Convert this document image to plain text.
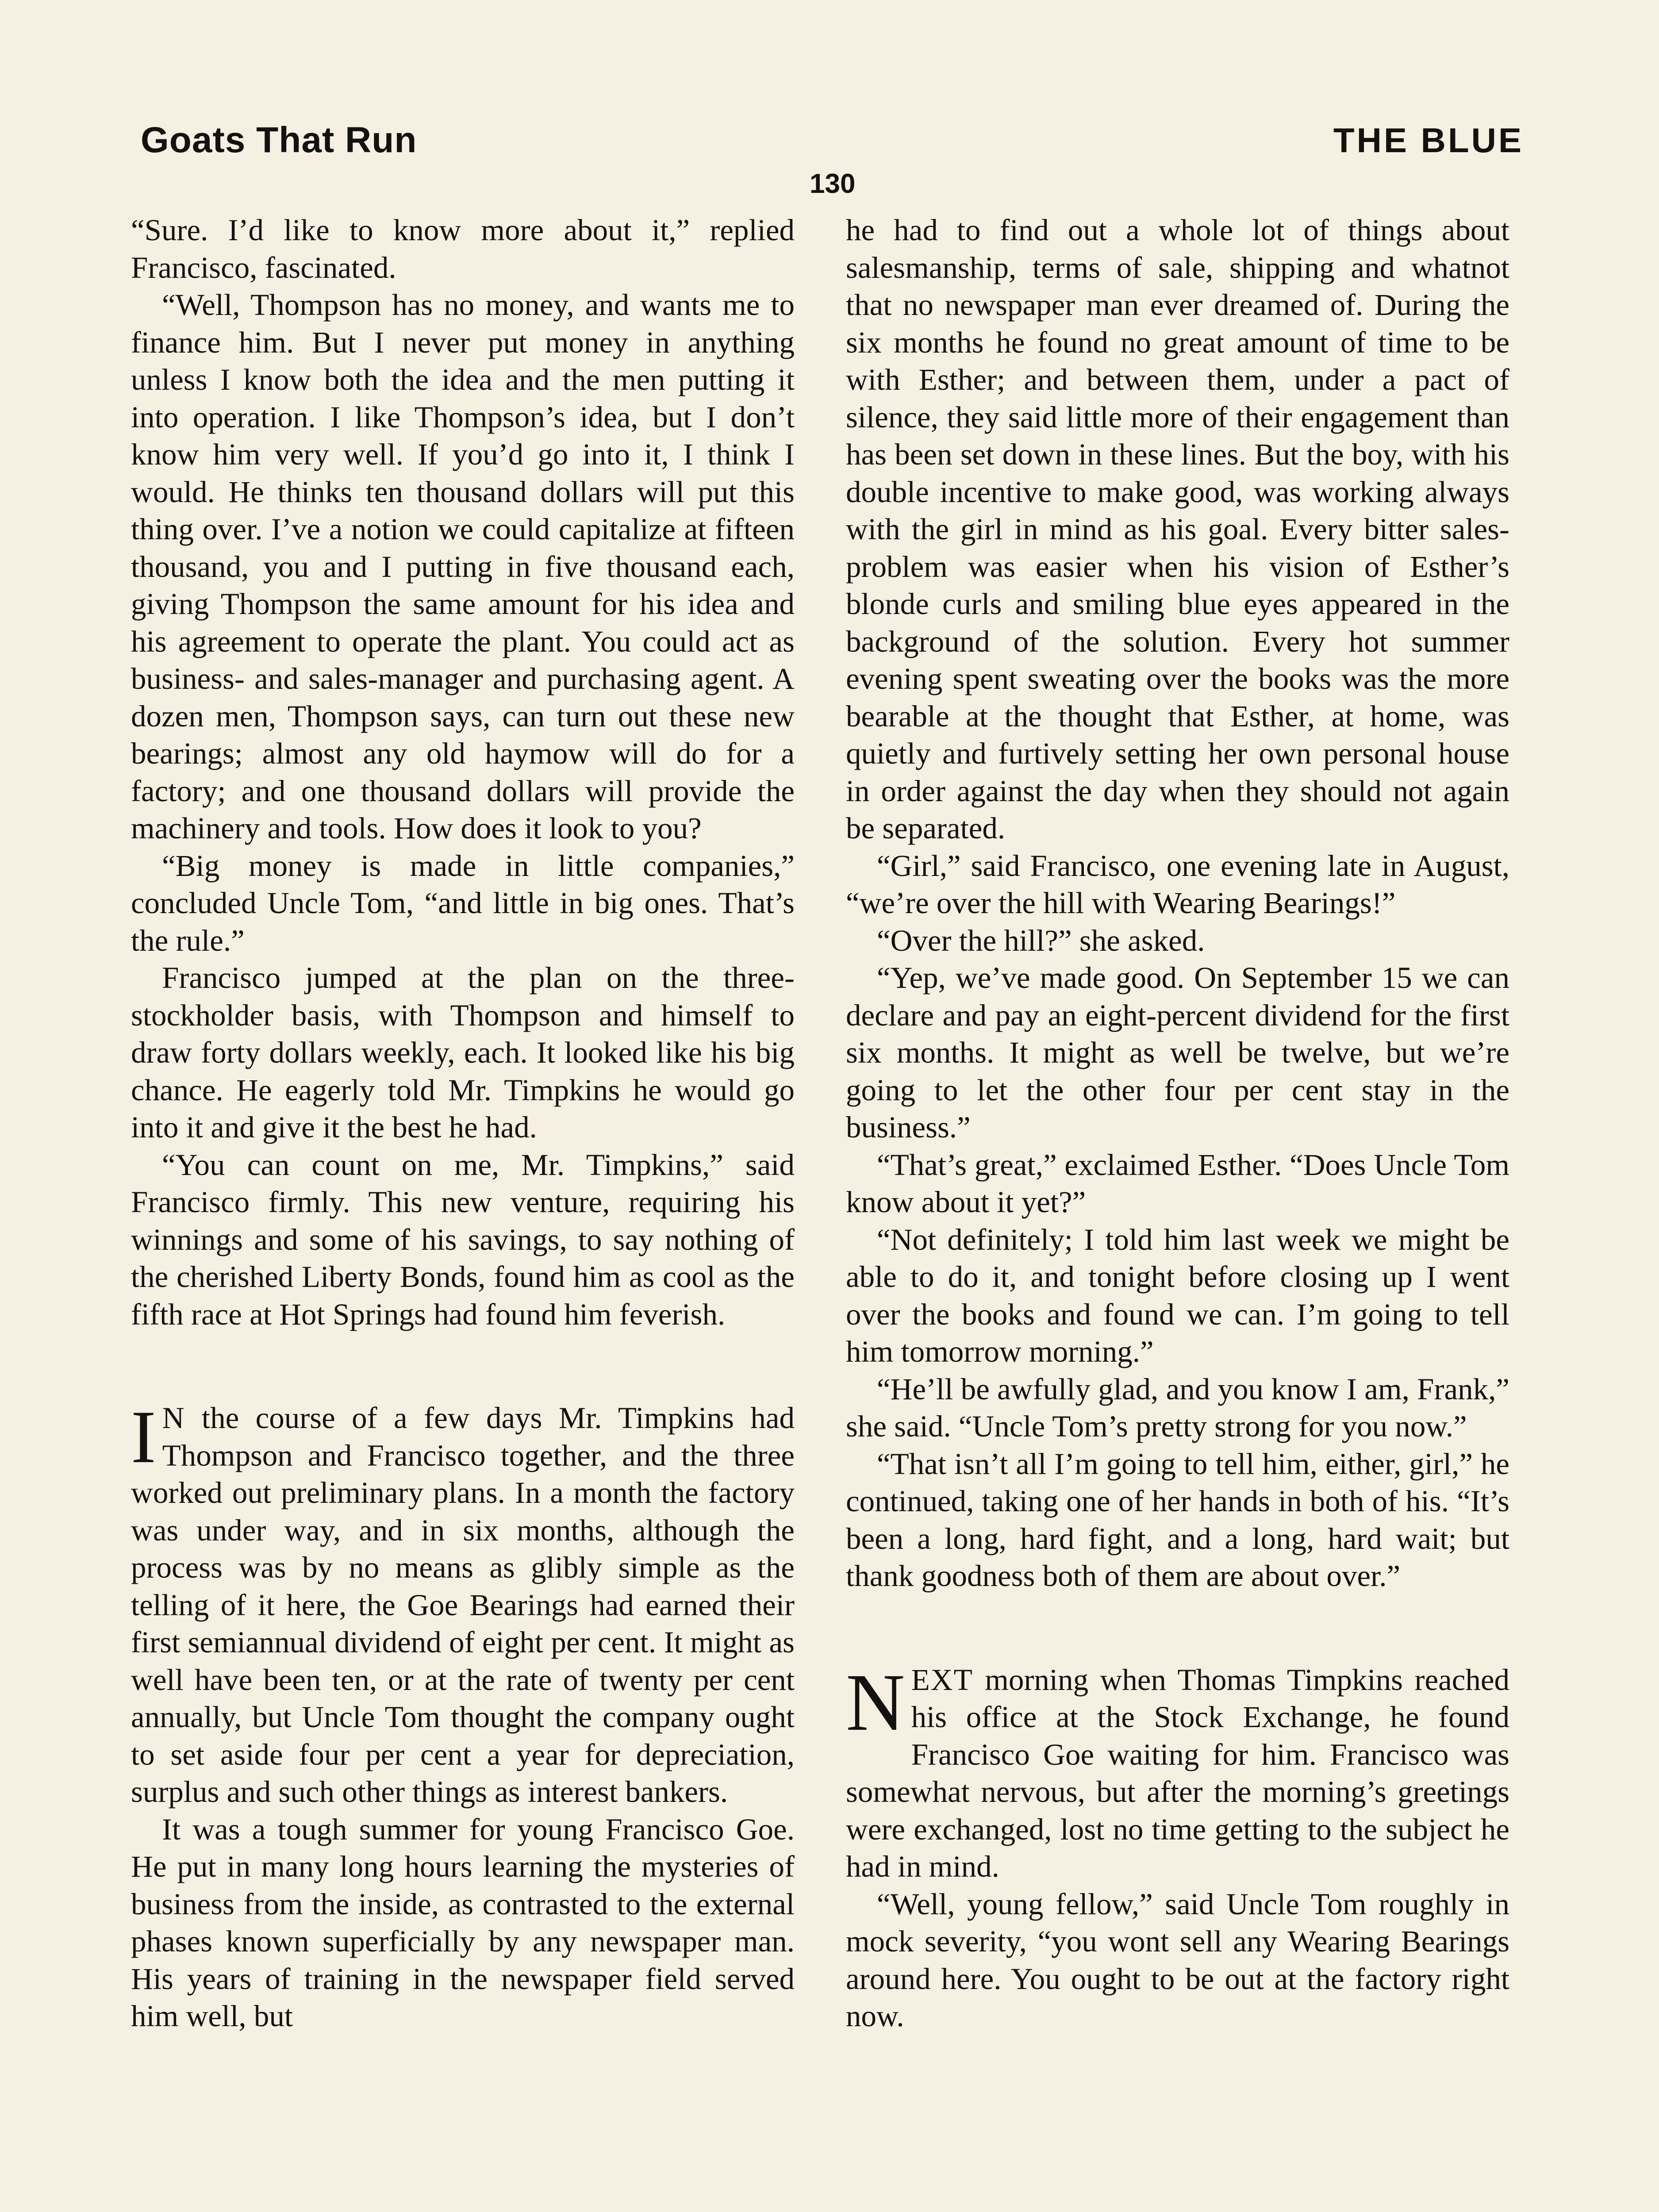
Goats That Run	THE BLUE
130

“Sure. I’d like to know more about it,” replied Francisco, fascinated.

“Well, Thompson has no money, and wants me to finance him. But I never put money in anything unless I know both the idea and the men putting it into operation. I like Thompson’s idea, but I don’t know him very well. If you’d go into it, I think I would. He thinks ten thousand dollars will put this thing over. I’ve a notion we could capitalize at fifteen thousand, you and I putting in five thousand each, giving Thompson the same amount for his idea and his agreement to operate the plant. You could act as business- and sales-manager and purchasing agent. A dozen men, Thompson says, can turn out these new bearings; almost any old haymow will do for a factory; and one thousand dollars will provide the machinery and tools. How does it look to you?

“Big money is made in little companies,” concluded Uncle Tom, “and little in big ones. That’s the rule.”

Francisco jumped at the plan on the three-stockholder basis, with Thompson and himself to draw forty dollars weekly, each. It looked like his big chance. He eagerly told Mr. Timpkins he would go into it and give it the best he had.

“You can count on me, Mr. Timpkins,” said Francisco firmly. This new venture, requiring his winnings and some of his savings, to say nothing of the cherished Liberty Bonds, found him as cool as the fifth race at Hot Springs had found him feverish.

I N the course of a few days Mr. Timpkins had Thompson and Francisco together, and the three worked out preliminary plans. In a month the factory was under way, and in six months, although the process was by no means as glibly simple as the telling of it here, the Goe Bearings had earned their first semiannual dividend of eight per cent. It might as well have been ten, or at the rate of twenty per cent annually, but Uncle Tom thought the company ought to set aside four per cent a year for depreciation, surplus and such other things as interest bankers.

It was a tough summer for young Francisco Goe. He put in many long hours learning the mysteries of business from the inside, as contrasted to the external phases known superficially by any newspaper man. His years of training in the newspaper field served him well, but

he had to find out a whole lot of things about salesmanship, terms of sale, shipping and whatnot that no newspaper man ever dreamed of. During the six months he found no great amount of time to be with Esther; and between them, under a pact of silence, they said little more of their engagement than has been set down in these lines. But the boy, with his double incentive to make good, was working always with the girl in mind as his goal. Every bitter sales-problem was easier when his vision of Esther’s blonde curls and smiling blue eyes appeared in the background of the solution. Every hot summer evening spent sweating over the books was the more bearable at the thought that Esther, at home, was quietly and furtively setting her own personal house in order against the day when they should not again be separated.

“Girl,” said Francisco, one evening late in August, “we’re over the hill with Wearing Bearings!”

“Over the hill?” she asked.

“Yep, we’ve made good. On September 15 we can declare and pay an eight-percent dividend for the first six months. It might as well be twelve, but we’re going to let the other four per cent stay in the business.”

“That’s great,” exclaimed Esther. “Does Uncle Tom know about it yet?”

“Not definitely; I told him last week we might be able to do it, and tonight before closing up I went over the books and found we can. I’m going to tell him tomorrow morning.”

“He’ll be awfully glad, and you know I am, Frank,” she said. “Uncle Tom’s pretty strong for you now.”

“That isn’t all I’m going to tell him, either, girl,” he continued, taking one of her hands in both of his. “It’s been a long, hard fight, and a long, hard wait; but thank goodness both of them are about over.”

NEXT morning when Thomas Timpkins reached his office at the Stock Exchange, he found Francisco Goe waiting for him. Francisco was somewhat nervous, but after the morning’s greetings were exchanged, lost no time getting to the subject he had in mind.

“Well, young fellow,” said Uncle Tom roughly in mock severity, “you wont sell any Wearing Bearings around here. You ought to be out at the factory right now.
